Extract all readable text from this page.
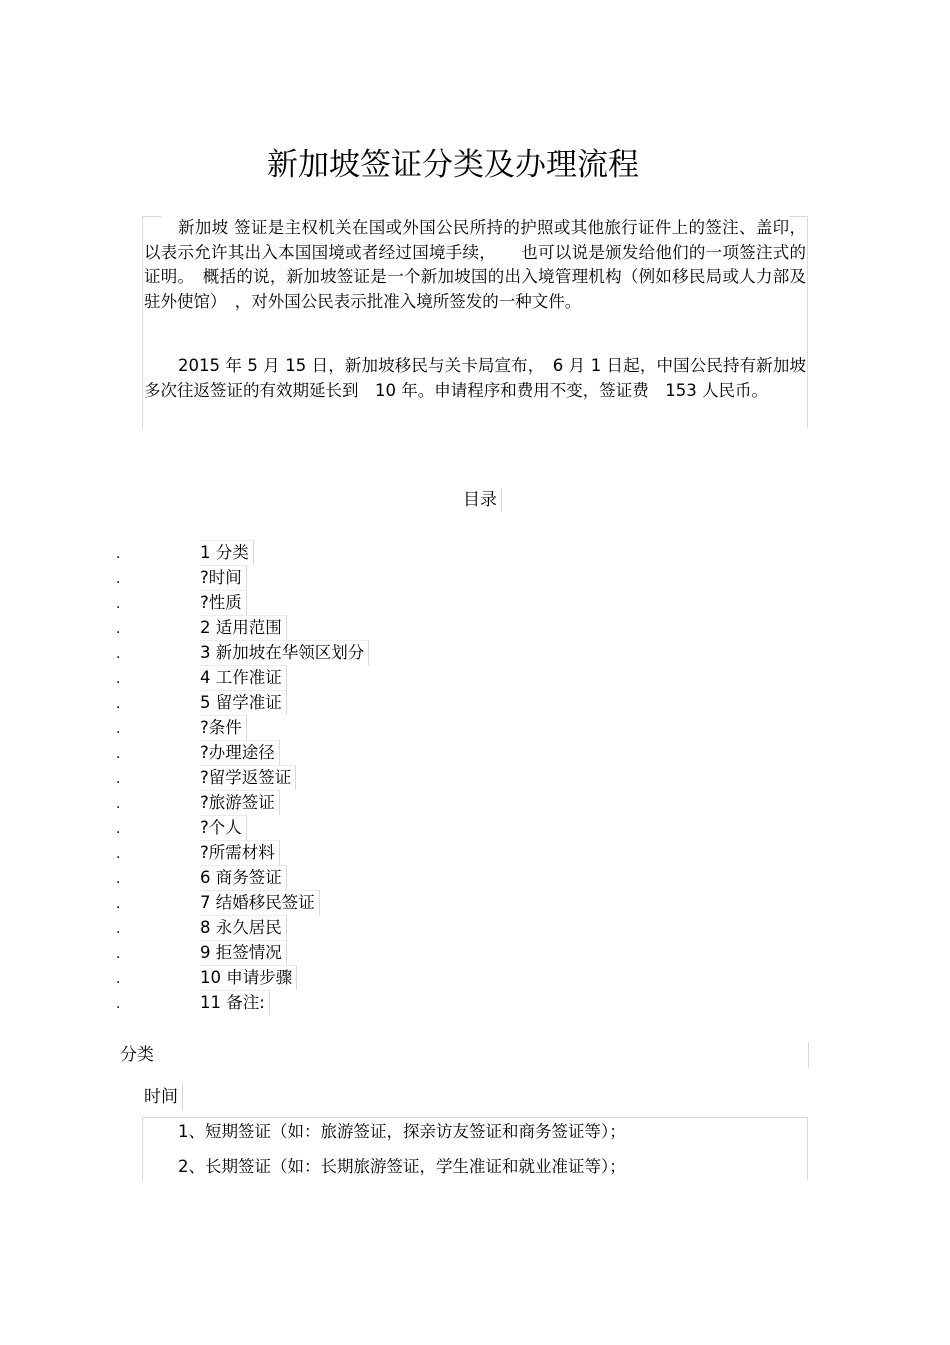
新加坡签证分类及办理流程

新加坡 签证是主权机关在国或外国公民所持的护照或其他旅行证件上的签注、盖印，以表示允许其出入本国国境或者经过国境手续，　　也可以说是颁发给他们的一项签注式的证明。　概括的说，新加坡签证是一个新加坡国的出入境管理机构（例如移民局或人力部及驻外使馆）　，对外国公民表示批准入境所签发的一种文件。

2015 年 5 月 15 日，新加坡移民与关卡局宣布，　6 月 1 日起，中国公民持有新加坡多次往返签证的有效期延长到　10 年。申请程序和费用不变，签证费　153 人民币。

目录
.	1 分类
.	?时间
.	?性质
.	2 适用范围
.	3 新加坡在华领区划分
.	4 工作准证
.	5 留学准证
.	?条件
.	?办理途径
.	?留学返签证
.	?旅游签证
.	?个人
.	?所需材料
.	6 商务签证
.	7 结婚移民签证
.	8 永久居民
.	9 拒签情况
.	10 申请步骤
.	11 备注:
分类
时间
1、短期签证（如：旅游签证，探亲访友签证和商务签证等）；
2、长期签证（如：长期旅游签证，学生准证和就业准证等）；
